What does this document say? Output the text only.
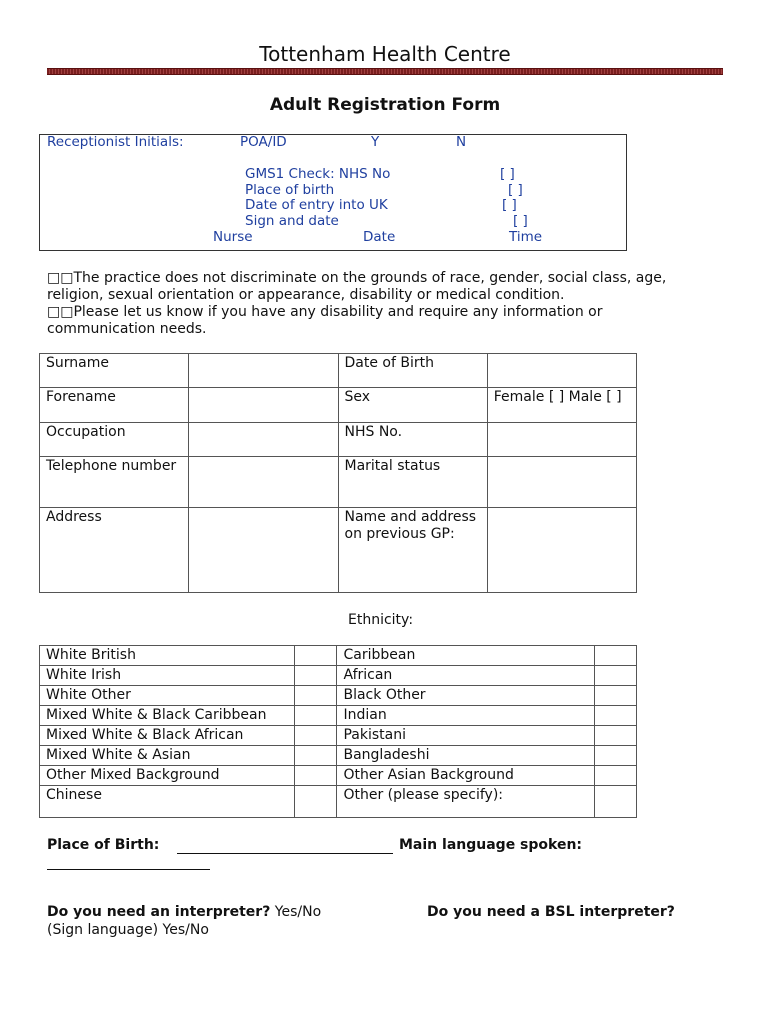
Tottenham Health Centre
Adult Registration Form
Receptionist Initials:	POA/ID	Y	N
GMS1 Check: NHS No	[ ]
Place of birth	[ ]
Date of entry into UK	[ ]
Sign and date	[ ]
Nurse	Date	Time
□□The practice does not discriminate on the grounds of race, gender, social class, age,
religion, sexual orientation or appearance, disability or medical condition.
□□Please let us know if you have any disability and require any information or
communication needs.
Surname		Date of Birth	
Forename		Sex	Female [ ] Male [ ]
Occupation		NHS No.	
Telephone number		Marital status	
Address		Name and address on previous GP:	
Ethnicity:
White British		Caribbean	
White Irish		African	
White Other		Black Other	
Mixed White & Black Caribbean		Indian	
Mixed White & Black African		Pakistani	
Mixed White & Asian		Bangladeshi	
Other Mixed Background		Other Asian Background	
Chinese		Other (please specify):	
Place of Birth:	Main language spoken:
Do you need an interpreter? Yes/No	Do you need a BSL interpreter?
(Sign language) Yes/No
